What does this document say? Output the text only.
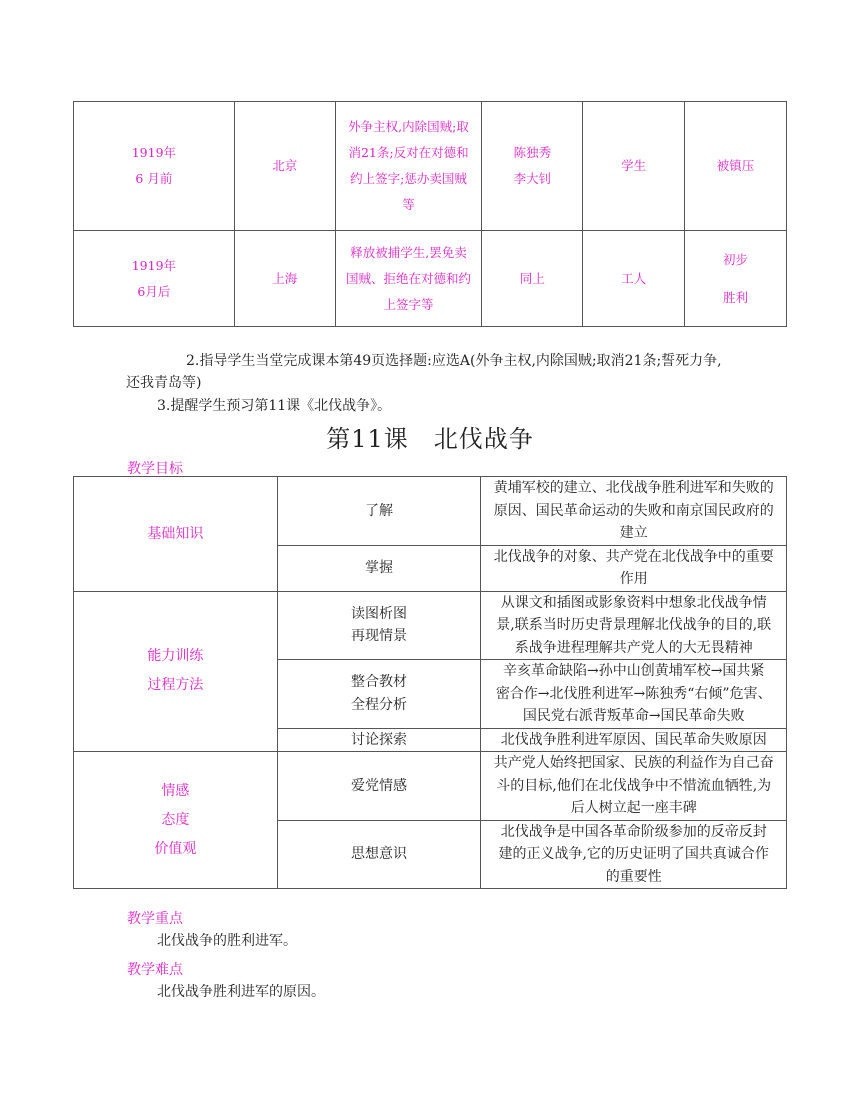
1919年
6 月前	北京	外争主权,内除国贼;取
消21条;反对在对德和
约上签字;惩办卖国贼
等	陈独秀
李大钊	学生	被镇压
1919年
6月后	上海	释放被捕学生,罢免卖
国贼、拒绝在对德和约
上签字等	同上	工人	初步
胜利
2.指导学生当堂完成课本第49页选择题:应选A(外争主权,内除国贼;取消21条;誓死力争,
还我青岛等)
3.提醒学生预习第11课《北伐战争》。
第11课　北伐战争
教学目标
基础知识	了解	黄埔军校的建立、北伐战争胜利进军和失败的
原因、国民革命运动的失败和南京国民政府的
建立
	掌握	北伐战争的对象、共产党在北伐战争中的重要
作用
能力训练
过程方法	读图析图
再现情景	从课文和插图或影象资料中想象北伐战争情
景,联系当时历史背景理解北伐战争的目的,联
系战争进程理解共产党人的大无畏精神
	整合教材
全程分析	辛亥革命缺陷→孙中山创黄埔军校→国共紧
密合作→北伐胜利进军→陈独秀“右倾”危害、
国民党右派背叛革命→国民革命失败
	讨论探索	北伐战争胜利进军原因、国民革命失败原因
情感
态度
价值观	爱党情感	共产党人始终把国家、民族的利益作为自己奋
斗的目标,他们在北伐战争中不惜流血牺牲,为
后人树立起一座丰碑
	思想意识	北伐战争是中国各革命阶级参加的反帝反封
建的正义战争,它的历史证明了国共真诚合作
的重要性
教学重点
北伐战争的胜利进军。
教学难点
北伐战争胜利进军的原因。
